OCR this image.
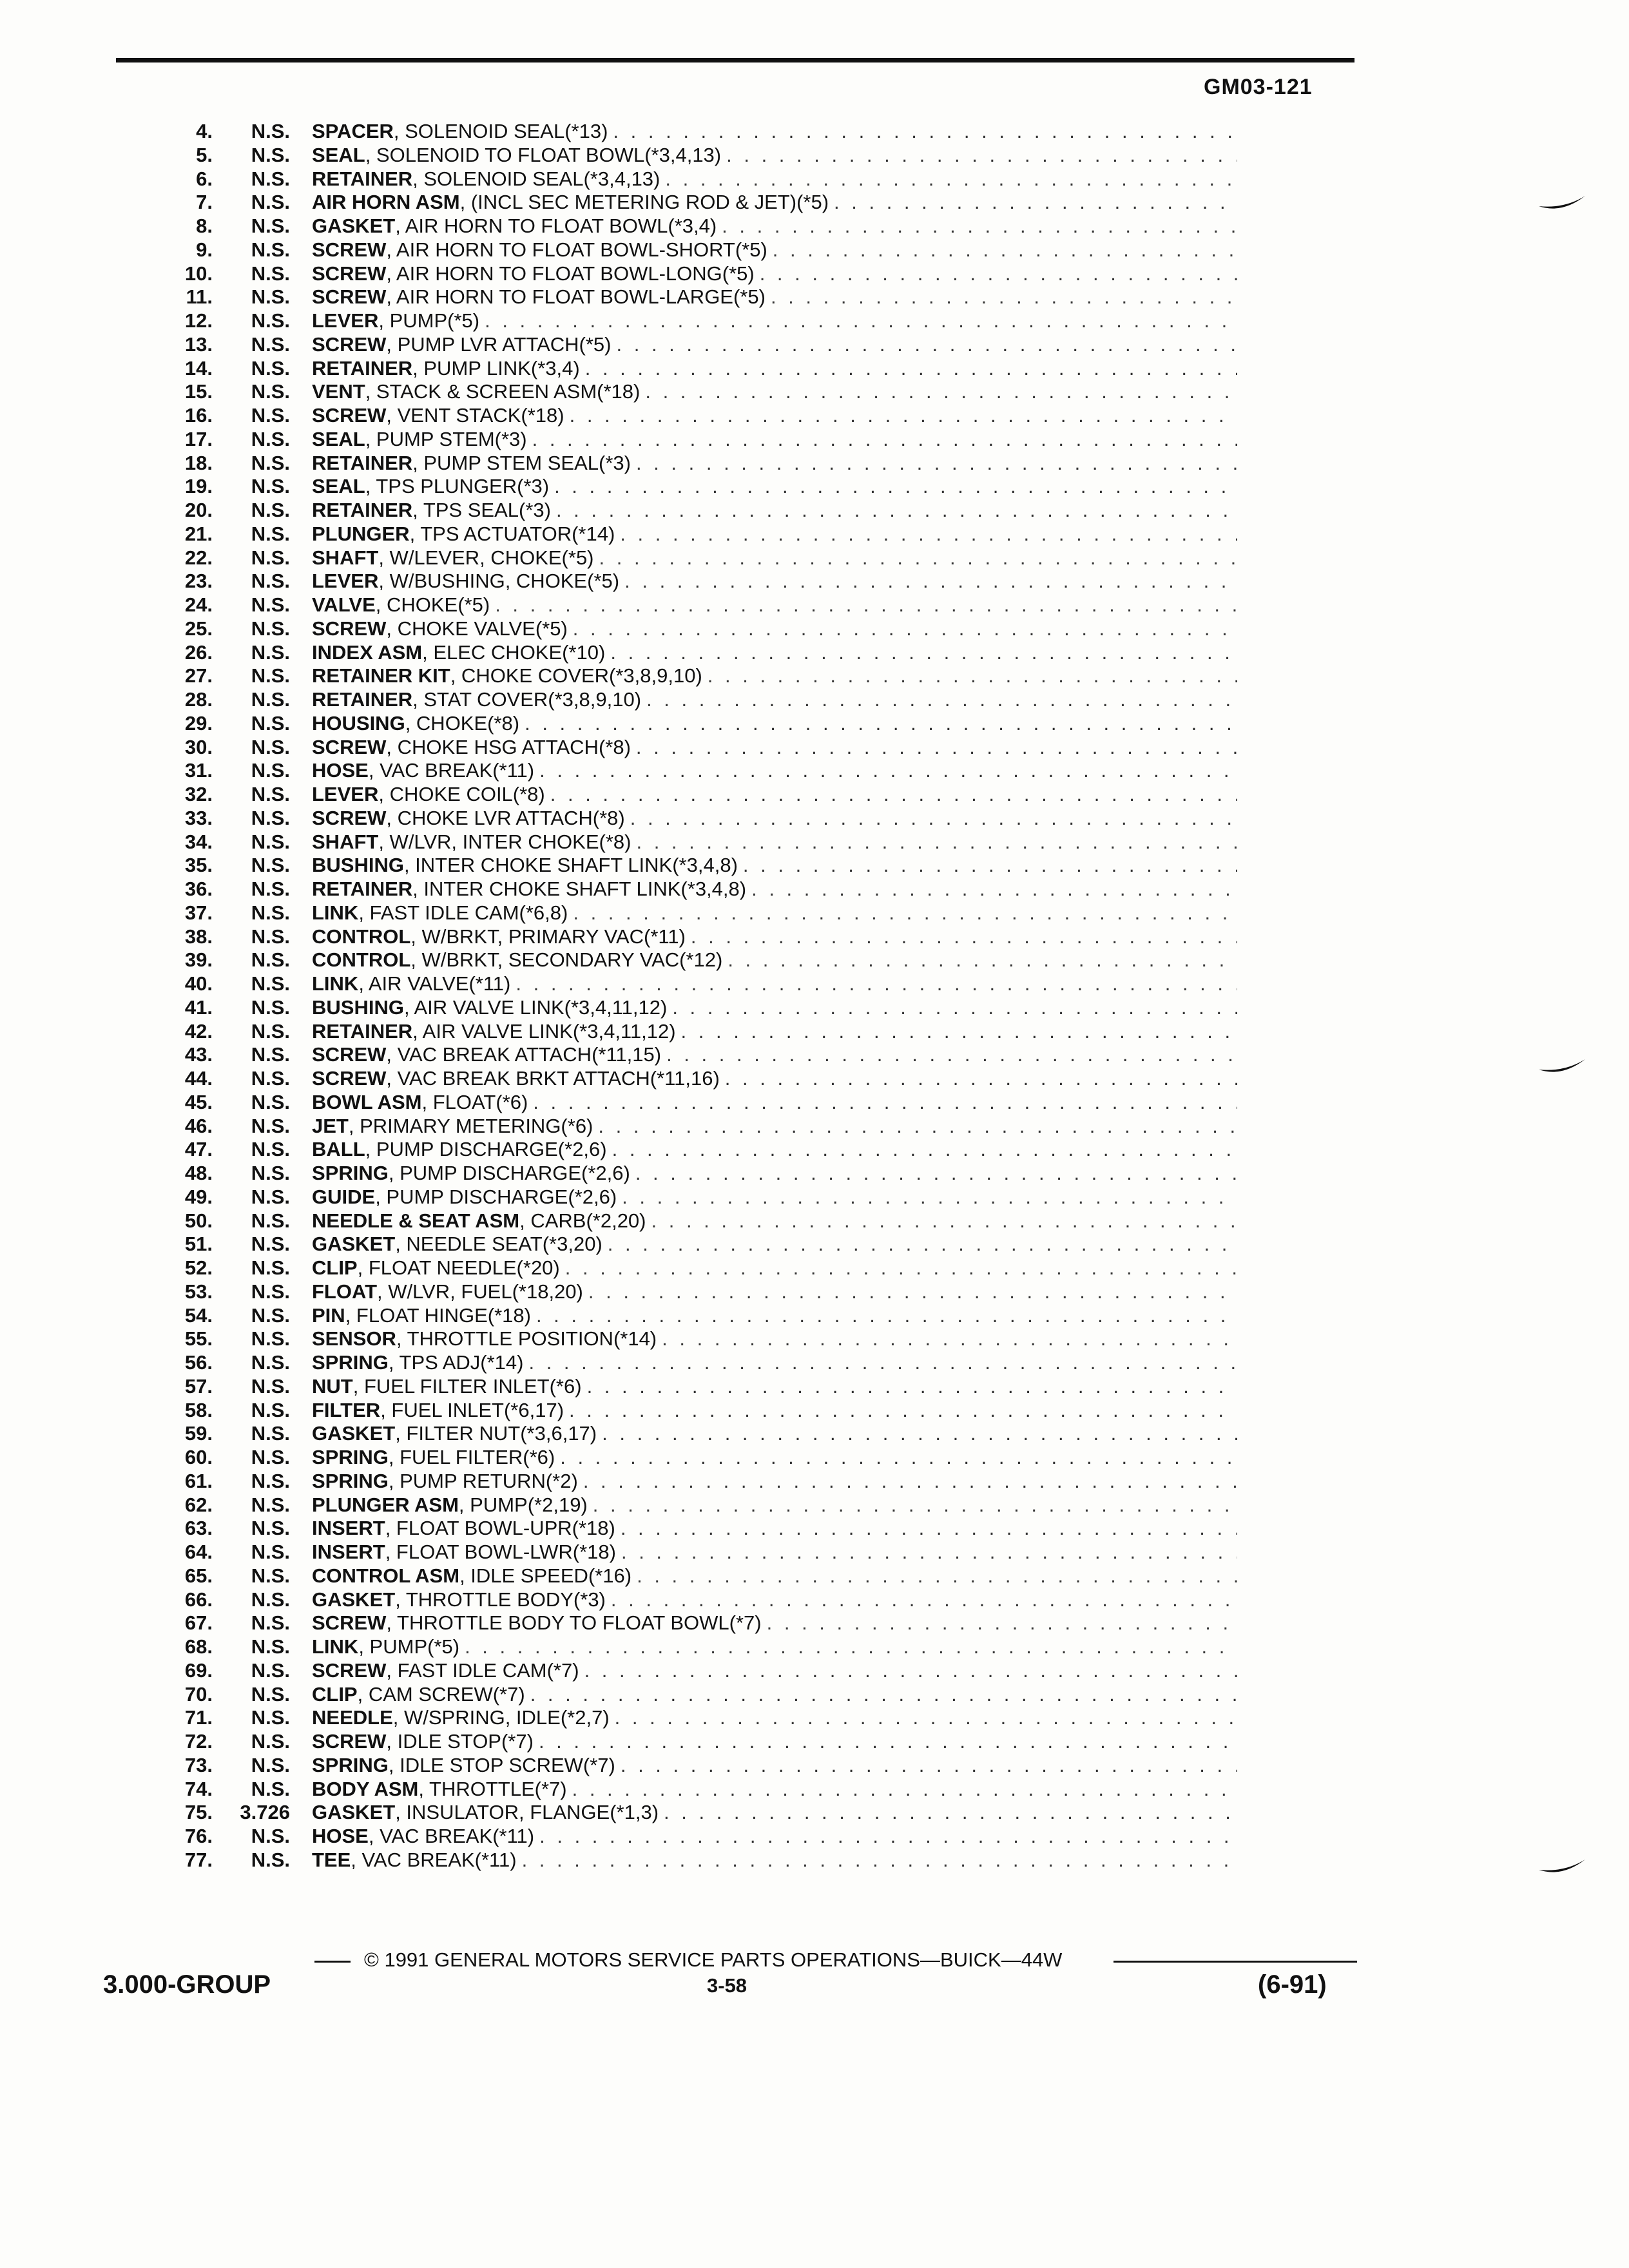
GM03-121
4.	N.S. SPACER, SOLENOID SEAL(*13)
. . .
5.	N.S. SEAL, SOLENOID TO FLOAT BOWL(*3,4,13)
. . .
6.	N.S. RETAINER, SOLENOID SEAL(*3,4,13)
. . .
7.	N.S. AIR HORN ASM, (INCL SEC METERING ROD & JET)(*5)
. . .
8.	N.S. GASKET, AIR HORN TO FLOAT BOWL(*3,4)
. . .
9.	N.S. SCREW, AIR HORN TO FLOAT BOWL-SHORT(*5)
. . .
10.	N.S. SCREW, AIR HORN TO FLOAT BOWL-LONG(*5)
. . .
11.	N.S. SCREW, AIR HORN TO FLOAT BOWL-LARGE(*5)
. . .
12.	N.S. LEVER, PUMP(*5)
. . .
13.	N.S. SCREW, PUMP LVR ATTACH(*5)
. . .
14.	N.S. RETAINER, PUMP LINK(*3,4)
. . .
15.	N.S. VENT, STACK & SCREEN ASM(*18)
. . .
16.	N.S. SCREW, VENT STACK(*18)
. . .
17.	N.S. SEAL, PUMP STEM(*3)
. . .
18.	N.S. RETAINER, PUMP STEM SEAL(*3)
. . .
19.	N.S. SEAL, TPS PLUNGER(*3)
. . .
20.	N.S. RETAINER, TPS SEAL(*3)
. . .
21.	N.S. PLUNGER, TPS ACTUATOR(*14)
. . .
22.	N.S. SHAFT, W/LEVER, CHOKE(*5)
. . .
23.	N.S. LEVER, W/BUSHING, CHOKE(*5)
. . .
24.	N.S. VALVE, CHOKE(*5)
. . .
25.	N.S. SCREW, CHOKE VALVE(*5)
. . .
26.	N.S. INDEX ASM, ELEC CHOKE(*10)
. . .
27.	N.S. RETAINER KIT, CHOKE COVER(*3,8,9,10)
. . .
28.	N.S. RETAINER, STAT COVER(*3,8,9,10)
. . .
29.	N.S. HOUSING, CHOKE(*8)
. . .
30.	N.S. SCREW, CHOKE HSG ATTACH(*8)
. . .
31.	N.S. HOSE, VAC BREAK(*11)
. . .
32.	N.S. LEVER, CHOKE COIL(*8)
. . .
33.	N.S. SCREW, CHOKE LVR ATTACH(*8)
. . .
34.	N.S. SHAFT, W/LVR, INTER CHOKE(*8)
. . .
35.	N.S. BUSHING, INTER CHOKE SHAFT LINK(*3,4,8)
. . .
36.	N.S. RETAINER, INTER CHOKE SHAFT LINK(*3,4,8)
. . .
37.	N.S. LINK, FAST IDLE CAM(*6,8)
. . .
38.	N.S. CONTROL, W/BRKT, PRIMARY VAC(*11)
. . .
39.	N.S. CONTROL, W/BRKT, SECONDARY VAC(*12)
. . .
40.	N.S. LINK, AIR VALVE(*11)
. . .
41.	N.S. BUSHING, AIR VALVE LINK(*3,4,11,12)
. . .
42.	N.S. RETAINER, AIR VALVE LINK(*3,4,11,12)
. . .
43.	N.S. SCREW, VAC BREAK ATTACH(*11,15)
. . .
44.	N.S. SCREW, VAC BREAK BRKT ATTACH(*11,16)
. . .
45.	N.S. BOWL ASM, FLOAT(*6)
. . .
46.	N.S. JET, PRIMARY METERING(*6)
. . .
47.	N.S. BALL, PUMP DISCHARGE(*2,6)
. . .
48.	N.S. SPRING, PUMP DISCHARGE(*2,6)
. . .
49.	N.S. GUIDE, PUMP DISCHARGE(*2,6)
. . .
50.	N.S. NEEDLE & SEAT ASM, CARB(*2,20)
. . .
51.	N.S. GASKET, NEEDLE SEAT(*3,20)
. . .
52.	N.S. CLIP, FLOAT NEEDLE(*20)
. . .
53.	N.S. FLOAT, W/LVR, FUEL(*18,20)
. . .
54.	N.S. PIN, FLOAT HINGE(*18)
. . .
55.	N.S. SENSOR, THROTTLE POSITION(*14)
. . .
56.	N.S. SPRING, TPS ADJ(*14)
. . .
57.	N.S. NUT, FUEL FILTER INLET(*6)
. . .
58.	N.S. FILTER, FUEL INLET(*6,17)
. . .
59.	N.S. GASKET, FILTER NUT(*3,6,17)
. . .
60.	N.S. SPRING, FUEL FILTER(*6)
. . .
61.	N.S. SPRING, PUMP RETURN(*2)
. . .
62.	N.S. PLUNGER ASM, PUMP(*2,19)
. . .
63.	N.S. INSERT, FLOAT BOWL-UPR(*18)
. . .
64.	N.S. INSERT, FLOAT BOWL-LWR(*18)
. . .
65.	N.S. CONTROL ASM, IDLE SPEED(*16)
. . .
66.	N.S. GASKET, THROTTLE BODY(*3)
. . .
67.	N.S. SCREW, THROTTLE BODY TO FLOAT BOWL(*7)
. . .
68.	N.S. LINK, PUMP(*5)
. . .
69.	N.S. SCREW, FAST IDLE CAM(*7)
. . .
70.	N.S. CLIP, CAM SCREW(*7)
. . .
71.	N.S. NEEDLE, W/SPRING, IDLE(*2,7)
. . .
72.	N.S. SCREW, IDLE STOP(*7)
. . .
73.	N.S. SPRING, IDLE STOP SCREW(*7)
. . .
74.	N.S. BODY ASM, THROTTLE(*7)
. . .
75.	3.726 GASKET, INSULATOR, FLANGE(*1,3)
. . .
76.	N.S. HOSE, VAC BREAK(*11)
. . .
77.	N.S. TEE, VAC BREAK(*11)
. . .
© 1991 GENERAL MOTORS SERVICE PARTS OPERATIONS—BUICK—44W
3.000-GROUP	3-58	(6-91)
